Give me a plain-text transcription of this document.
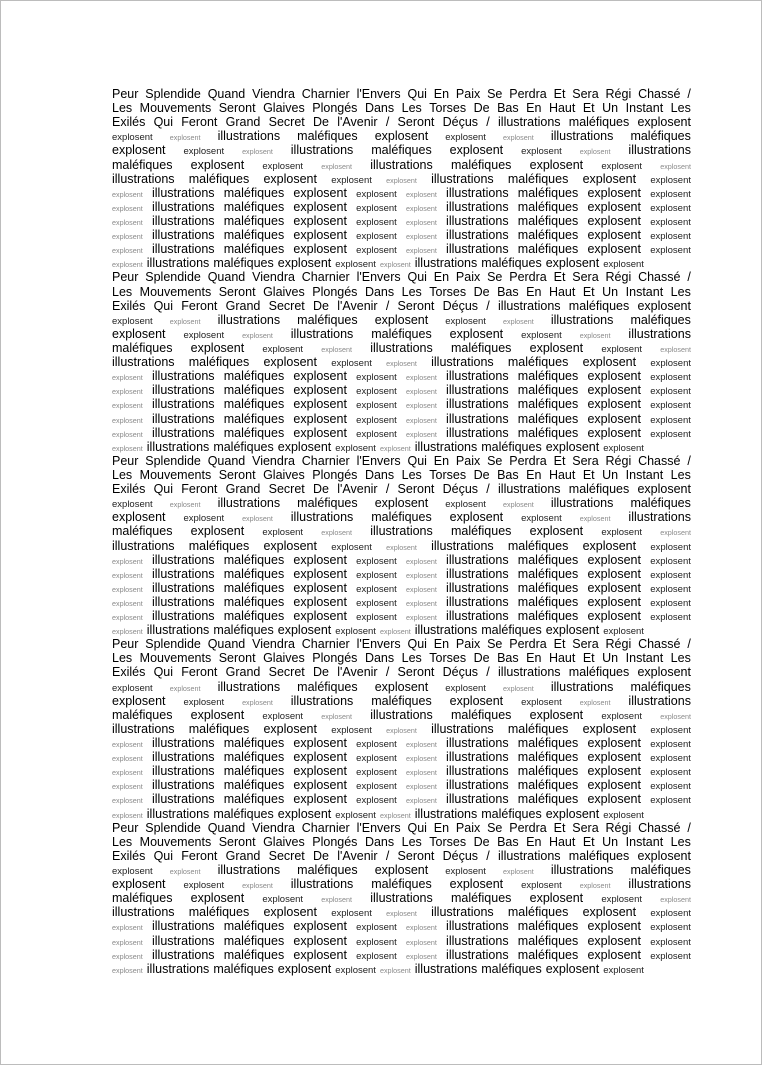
Peur Splendide Quand Viendra Charnier l'Envers Qui En Paix Se Perdra Et Sera Régi Chassé /
Les Mouvements Seront Glaives Plongés Dans Les Torses De Bas En Haut Et Un Instant Les
Exilés Qui Feront Grand Secret De l'Avenir / Seront Déçus / illustrations maléfiques explosent
explosent explosent illustrations maléfiques explosent explosent explosent illustrations maléfiques
explosent explosent explosent illustrations maléfiques explosent explosent explosent illustrations
maléfiques explosent explosent	explosent illustrations maléfiques explosent explosent	explosent
illustrations maléfiques explosent explosent explosent illustrations maléfiques explosent explosent
explosent illustrations maléfiques explosent explosent explosent illustrations maléfiques explosent explosent
explosent illustrations maléfiques explosent explosent explosent illustrations maléfiques explosent explosent
explosent illustrations maléfiques explosent explosent explosent illustrations maléfiques explosent explosent
explosent illustrations maléfiques explosent explosent explosent illustrations maléfiques explosent explosent
explosent illustrations maléfiques explosent explosent explosent illustrations maléfiques explosent explosent
explosent illustrations maléfiques explosent explosent explosent illustrations maléfiques explosent explosent
Peur Splendide Quand Viendra Charnier l'Envers Qui En Paix Se Perdra Et Sera Régi Chassé /
Les Mouvements Seront Glaives Plongés Dans Les Torses De Bas En Haut Et Un Instant Les
Exilés Qui Feront Grand Secret De l'Avenir / Seront Déçus / illustrations maléfiques explosent
explosent explosent illustrations maléfiques explosent explosent explosent illustrations maléfiques
explosent explosent explosent illustrations maléfiques explosent explosent explosent illustrations
maléfiques explosent explosent	explosent illustrations maléfiques explosent explosent	explosent
illustrations maléfiques explosent explosent explosent illustrations maléfiques explosent explosent
explosent illustrations maléfiques explosent explosent explosent illustrations maléfiques explosent explosent
explosent illustrations maléfiques explosent explosent explosent illustrations maléfiques explosent explosent
explosent illustrations maléfiques explosent explosent explosent illustrations maléfiques explosent explosent
explosent illustrations maléfiques explosent explosent explosent illustrations maléfiques explosent explosent
explosent illustrations maléfiques explosent explosent explosent illustrations maléfiques explosent explosent
explosent illustrations maléfiques explosent explosent explosent illustrations maléfiques explosent explosent
Peur Splendide Quand Viendra Charnier l'Envers Qui En Paix Se Perdra Et Sera Régi Chassé /
Les Mouvements Seront Glaives Plongés Dans Les Torses De Bas En Haut Et Un Instant Les
Exilés Qui Feront Grand Secret De l'Avenir / Seront Déçus / illustrations maléfiques explosent
explosent explosent illustrations maléfiques explosent explosent explosent illustrations maléfiques
explosent explosent explosent illustrations maléfiques explosent explosent explosent illustrations
maléfiques explosent explosent	explosent illustrations maléfiques explosent explosent	explosent
illustrations maléfiques explosent explosent explosent illustrations maléfiques explosent explosent
explosent illustrations maléfiques explosent explosent explosent illustrations maléfiques explosent explosent
explosent illustrations maléfiques explosent explosent explosent illustrations maléfiques explosent explosent
explosent illustrations maléfiques explosent explosent explosent illustrations maléfiques explosent explosent
explosent illustrations maléfiques explosent explosent explosent illustrations maléfiques explosent explosent
explosent illustrations maléfiques explosent explosent explosent illustrations maléfiques explosent explosent
explosent illustrations maléfiques explosent explosent explosent illustrations maléfiques explosent explosent
Peur Splendide Quand Viendra Charnier l'Envers Qui En Paix Se Perdra Et Sera Régi Chassé /
Les Mouvements Seront Glaives Plongés Dans Les Torses De Bas En Haut Et Un Instant Les
Exilés Qui Feront Grand Secret De l'Avenir / Seront Déçus / illustrations maléfiques explosent
explosent explosent illustrations maléfiques explosent explosent explosent illustrations maléfiques
explosent explosent explosent illustrations maléfiques explosent explosent explosent illustrations
maléfiques explosent explosent	explosent illustrations maléfiques explosent explosent	explosent
illustrations maléfiques explosent explosent explosent illustrations maléfiques explosent explosent
explosent illustrations maléfiques explosent explosent explosent illustrations maléfiques explosent explosent
explosent illustrations maléfiques explosent explosent explosent illustrations maléfiques explosent explosent
explosent illustrations maléfiques explosent explosent explosent illustrations maléfiques explosent explosent
explosent illustrations maléfiques explosent explosent explosent illustrations maléfiques explosent explosent
explosent illustrations maléfiques explosent explosent explosent illustrations maléfiques explosent explosent
explosent illustrations maléfiques explosent explosent explosent illustrations maléfiques explosent explosent
Peur Splendide Quand Viendra Charnier l'Envers Qui En Paix Se Perdra Et Sera Régi Chassé /
Les Mouvements Seront Glaives Plongés Dans Les Torses De Bas En Haut Et Un Instant Les
Exilés Qui Feront Grand Secret De l'Avenir / Seront Déçus / illustrations maléfiques explosent
explosent explosent illustrations maléfiques explosent explosent explosent illustrations maléfiques
explosent explosent explosent illustrations maléfiques explosent explosent explosent illustrations
maléfiques explosent explosent	explosent illustrations maléfiques explosent explosent	explosent
illustrations maléfiques explosent explosent explosent illustrations maléfiques explosent explosent
explosent illustrations maléfiques explosent explosent explosent illustrations maléfiques explosent explosent
explosent illustrations maléfiques explosent explosent explosent illustrations maléfiques explosent explosent
explosent illustrations maléfiques explosent explosent explosent illustrations maléfiques explosent explosent
explosent illustrations maléfiques explosent explosent explosent illustrations maléfiques explosent explosent
